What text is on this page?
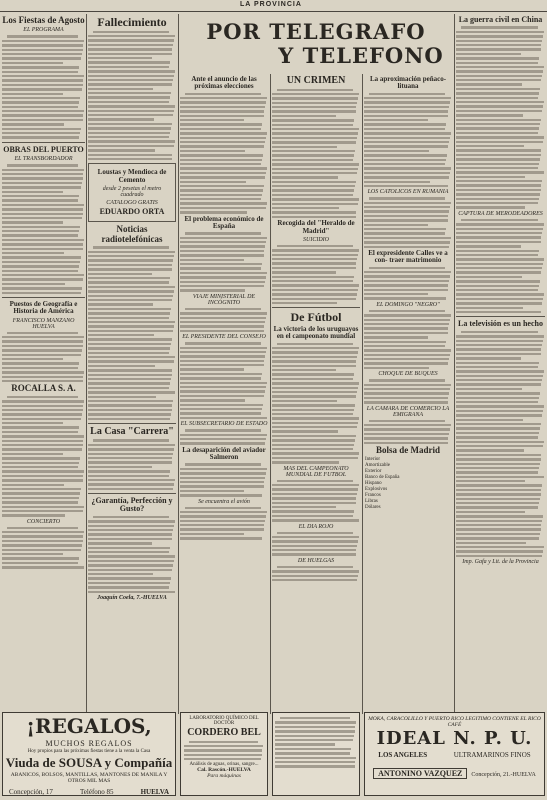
LA PROVINCIA
POR TELEGRAFO
Y TELEFONO
Los Fiestas de Agosto
EL PROGRAMA
OBRAS DEL PUERTO
EL TRANSBORDADOR
Puestos de Geografía e Historia de América
FRANCISCO MANZANO HUELVA
ROCALLA S. A.
CONCIERTO
Fallecimiento
Loustas y Mendioca de Cemento
desde 2 pesetas el metro cuadrado
CATALOGO GRATIS
EDUARDO ORTA
Noticias radiotelefónicas
La Casa "Carrera"
¿Garantía, Perfección y Gusto?
Joaquín Coela, 7.-HUELVA
Ante el anuncio de las próximas elecciones
El problema económico de España
VIAJE MINISTERIAL DE INCÓGNITO
EL PRESIDENTE DEL CONSEJO
EL SUBSECRETARIO DE ESTADO
La desaparición del aviador Salmeron
Se encuentra el avión
UN CRIMEN
Recogida del "Heraldo de Madrid"
SUICIDIO
De Fútbol
La victoria de los uruguayos en el campeonato mundial
MAS DEL CAMPEONATO MUNDIAL DE FUTBOL
EL DIA ROJO
DE HUELGAS
La aproximación peñaco-lituana
LOS CATOLICOS EN RUMANIA
El expresidente Calles ve a con- traer matrimonio
EL DOMINGO "NEGRO"
CHOQUE DE BUQUES
LA CAMARA DE COMERCIO LA EMIGRANA
Bolsa de Madrid
Interior	
Amortizable	
Exterior	
Banco de España	
Hispano	
Explosivos	
Francos	
Libras	
Dólares	
La guerra civil en China
CAPTURA DE MERODEADORES
La televisión es un hecho
Imp. Gafa y Lit. de la Provincia
¡REGALOS,
MUCHOS REGALOS
Hoy propios para las próximas fiestas tiene a la venta la Casa
Viuda de SOUSA y Compañía
ABANICOS, BOLSOS, MANTILLAS, MANTONES DE MANILA Y OTROS MIL MAS
Concepción, 17	Teléfono 85	HUELVA
LABORATORIO QUÍMICO DEL DOCTOR
CORDERO BEL
Análisis de aguas, orinas, sangre...
Cal. Rascón.-HUELVA
Para máquinas
MOKA, CARACOLILLO Y PUERTO RICO LEGITIMO CONTIENE EL RICO CAFÉ
IDEAL N. P. U.
LOS ANGELES	ULTRAMARINOS FINOS
ANTONINO VAZQUEZ Concepción, 21.-HUELVA
